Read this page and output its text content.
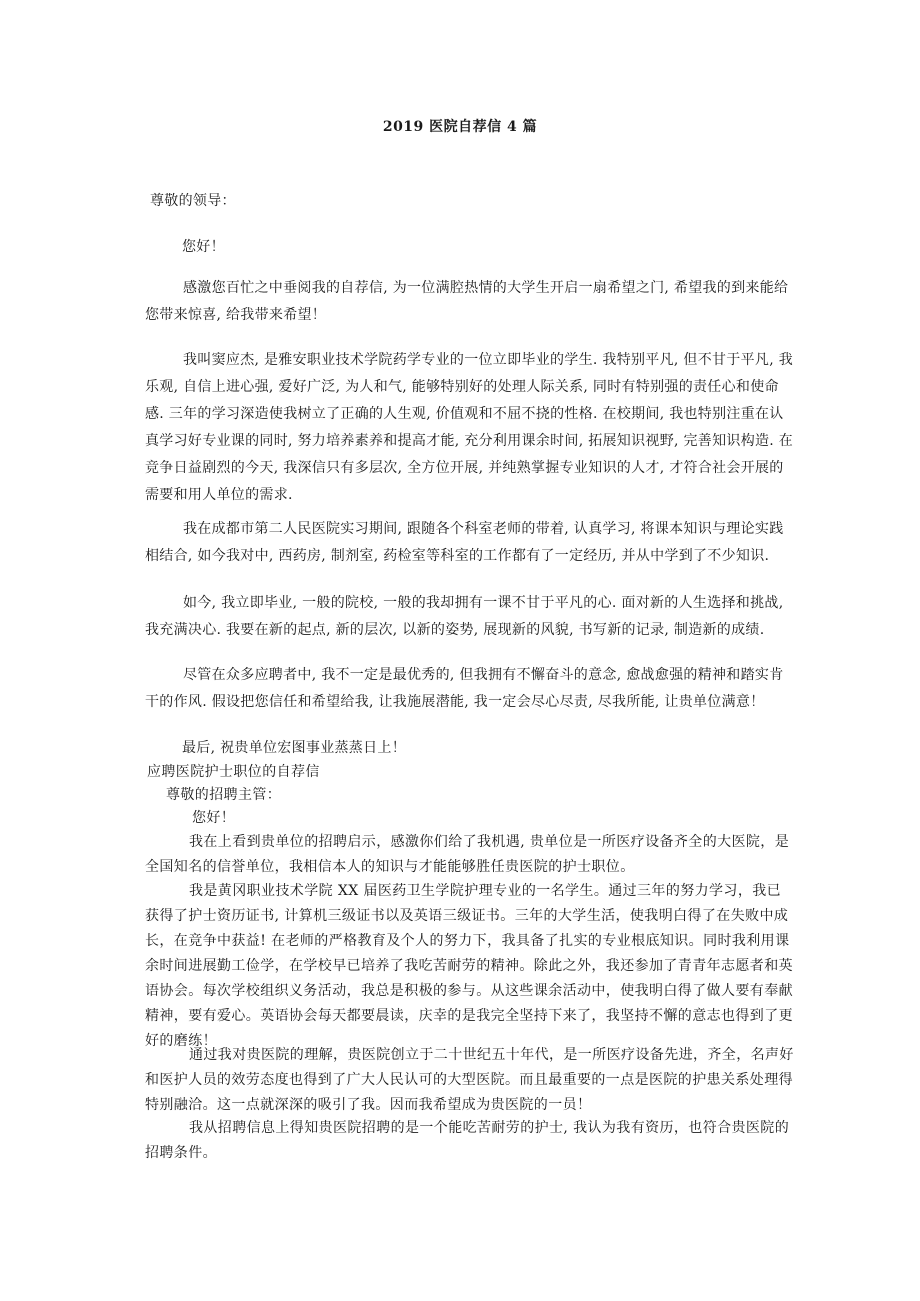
2019 医院自荐信 4 篇
尊敬的领导：
您好！
感激您百忙之中垂阅我的自荐信, 为一位满腔热情的大学生开启一扇希望之门, 希望我的到来能给您带来惊喜, 给我带来希望！
我叫窦应杰, 是雅安职业技术学院药学专业的一位立即毕业的学生. 我特别平凡, 但不甘于平凡, 我乐观, 自信上进心强, 爱好广泛, 为人和气, 能够特别好的处理人际关系, 同时有特别强的责任心和使命感. 三年的学习深造使我树立了正确的人生观, 价值观和不屈不挠的性格. 在校期间, 我也特别注重在认真学习好专业课的同时, 努力培养素养和提高才能, 充分利用课余时间, 拓展知识视野, 完善知识构造. 在竞争日益剧烈的今天, 我深信只有多层次, 全方位开展, 并纯熟掌握专业知识的人才, 才符合社会开展的需要和用人单位的需求.
我在成都市第二人民医院实习期间, 跟随各个科室老师的带着, 认真学习, 将课本知识与理论实践相结合, 如今我对中, 西药房, 制剂室, 药检室等科室的工作都有了一定经历, 并从中学到了不少知识.
如今, 我立即毕业, 一般的院校, 一般的我却拥有一课不甘于平凡的心. 面对新的人生选择和挑战, 我充满决心. 我要在新的起点, 新的层次, 以新的姿势, 展现新的风貌, 书写新的记录, 制造新的成绩.
尽管在众多应聘者中, 我不一定是最优秀的, 但我拥有不懈奋斗的意念, 愈战愈强的精神和踏实肯干的作风. 假设把您信任和希望给我, 让我施展潜能, 我一定会尽心尽责, 尽我所能, 让贵单位满意！
最后, 祝贵单位宏图事业蒸蒸日上！
应聘医院护士职位的自荐信
尊敬的招聘主管：
您好！
我在上看到贵单位的招聘启示，感激你们给了我机遇, 贵单位是一所医疗设备齐全的大医院，是全国知名的信誉单位，我相信本人的知识与才能能够胜任贵医院的护士职位。
我是黄冈职业技术学院 XX 届医药卫生学院护理专业的一名学生。通过三年的努力学习，我已获得了护士资历证书, 计算机三级证书以及英语三级证书。三年的大学生活，使我明白得了在失败中成长，在竞争中获益! 在老师的严格教育及个人的努力下，我具备了扎实的专业根底知识。同时我利用课余时间进展勤工俭学，在学校早已培养了我吃苦耐劳的精神。除此之外，我还参加了青青年志愿者和英语协会。每次学校组织义务活动，我总是积极的参与。从这些课余活动中，使我明白得了做人要有奉献精神，要有爱心。英语协会每天都要晨读，庆幸的是我完全坚持下来了，我坚持不懈的意志也得到了更好的磨练！
通过我对贵医院的理解，贵医院创立于二十世纪五十年代，是一所医疗设备先进，齐全，名声好和医护人员的效劳态度也得到了广大人民认可的大型医院。而且最重要的一点是医院的护患关系处理得特别融洽。这一点就深深的吸引了我。因而我希望成为贵医院的一员！
我从招聘信息上得知贵医院招聘的是一个能吃苦耐劳的护士, 我认为我有资历，也符合贵医院的招聘条件。
